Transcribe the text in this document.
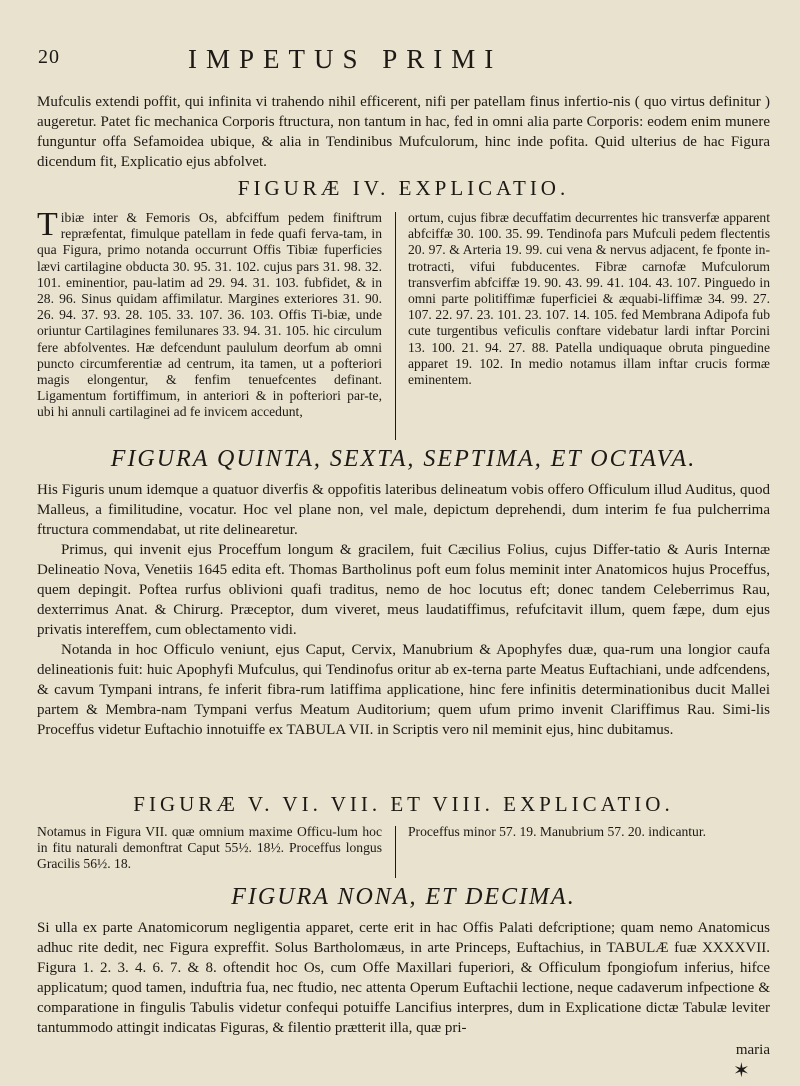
20	IMPETUS PRIMI
Mufculis extendi poffit, qui infinita vi trahendo nihil efficerent, nifi per patellam finus infertio-nis ( quo virtus definitur ) augeretur. Patet fic mechanica Corporis ftructura, non tantum in hac, fed in omni alia parte Corporis: eodem enim munere funguntur offa Sefamoidea ubique, & alia in Tendinibus Mufculorum, hinc inde pofita. Quid ulterius de hac Figura dicendum fit, Explicatio ejus abfolvet.
FIGURÆ IV. EXPLICATIO.
Tibiæ inter & Femoris Os, abfciffum pedem finiftrum repræfentat, fimulque patellam in fede quafi ferva-tam, in qua Figura, primo notanda occurrunt Offis Tibiæ fuperficies lævi cartilagine obducta 30. 95. 31. 102. cujus pars 31. 98. 32. 101. eminentior, pau-latim ad 29. 94. 31. 103. fubfidet, & in 28. 96. Sinus quidam affimilatur. Margines exteriores 31. 90. 26. 94. 37. 93. 28. 105. 33. 107. 36. 103. Offis Ti-biæ, unde oriuntur Cartilagines femilunares 33. 94. 31. 105. hic circulum fere abfolventes. Hæ defcendunt paululum deorfum ab omni puncto circumferentiæ ad centrum, ita tamen, ut a pofteriori magis elongentur, & fenfim tenuefcentes definant. Ligamentum fortiffimum, in anteriori & in pofteriori par-te, ubi hi annuli cartilaginei ad fe invicem accedunt,
ortum, cujus fibræ decuffatim decurrentes hic transverfæ apparent abfciffæ 30. 100. 35. 99. Tendinofa pars Mufculi pedem flectentis 20. 97. & Arteria 19. 99. cui vena & nervus adjacent, fe fponte in-trotracti, vifui fubducentes. Fibræ carnofæ Mufculorum transverfim abfciffæ 19. 90. 43. 99. 41. 104. 43. 107. Pinguedo in omni parte politiffimæ fuperficiei & æquabi-liffimæ 34. 99. 27. 107. 22. 97. 23. 101. 23. 107. 14. 105. fed Membrana Adipofa fub cute turgentibus veficulis conftare videbatur lardi inftar Porcini 13. 100. 21. 94. 27. 88. Patella undiquaque obruta pinguedine apparet 19. 102. In medio notamus illam inftar crucis formæ eminentem.
FIGURA QUINTA, SEXTA, SEPTIMA, ET OCTAVA.
His Figuris unum idemque a quatuor diverfis & oppofitis lateribus delineatum vobis offero Officulum illud Auditus, quod Malleus, a fimilitudine, vocatur. Hoc vel plane non, vel male, depictum deprehendi, dum interim fe fua pulcherrima ftructura commendabat, ut rite delinearetur.
Primus, qui invenit ejus Proceffum longum & gracilem, fuit Cæcilius Folius, cujus Differ-tatio & Auris Internæ Delineatio Nova, Venetiis 1645 edita eft. Thomas Bartholinus poft eum folus meminit inter Anatomicos hujus Proceffus, quem depingit. Poftea rurfus oblivioni quafi traditus, nemo de hoc locutus eft; donec tandem Celeberrimus Rau, dexterrimus Anat. & Chirurg. Præceptor, dum viveret, meus laudatiffimus, refufcitavit illum, quem fæpe, dum ejus privatis intereffem, cum oblectamento vidi.
Notanda in hoc Officulo veniunt, ejus Caput, Cervix, Manubrium & Apophyfes duæ, qua-rum una longior caufa delineationis fuit: huic Apophyfi Mufculus, qui Tendinofus oritur ab ex-terna parte Meatus Euftachiani, unde adfcendens, & cavum Tympani intrans, fe inferit fibra-rum latiffima applicatione, hinc fere infinitis determinationibus ducit Mallei partem & Membra-nam Tympani verfus Meatum Auditorium; quem ufum primo invenit Clariffimus Rau. Simi-lis Proceffus videtur Euftachio innotuiffe ex TABULA VII. in Scriptis vero nil meminit ejus, hinc dubitamus.
FIGURÆ V. VI. VII. ET VIII. EXPLICATIO.
Notamus in Figura VII. quæ omnium maxime Officu-lum hoc in fitu naturali demonftrat Caput 55½. 18½. Proceffus longus Gracilis 56½. 18.
Proceffus minor 57. 19. Manubrium 57. 20. indicantur.
FIGURA NONA, ET DECIMA.
Si ulla ex parte Anatomicorum negligentia apparet, certe erit in hac Offis Palati defcriptione; quam nemo Anatomicus adhuc rite dedit, nec Figura expreffit. Solus Bartholomæus, in arte Princeps, Euftachius, in TABULÆ fuæ XXXXVII. Figura 1. 2. 3. 4. 6. 7. & 8. oftendit hoc Os, cum Offe Maxillari fuperiori, & Officulum fpongiofum inferius, hifce applicatum; quod tamen, induftria fua, nec ftudio, nec attenta Operum Euftachii lectione, neque cadaverum infpectione & comparatione in fingulis Tabulis videtur confequi potuiffe Lancifius interpres, dum in Explicatione dictæ Tabulæ leviter tantummodo attingit indicatas Figuras, & filentio prætterit illa, quæ pri-
maria
✶
